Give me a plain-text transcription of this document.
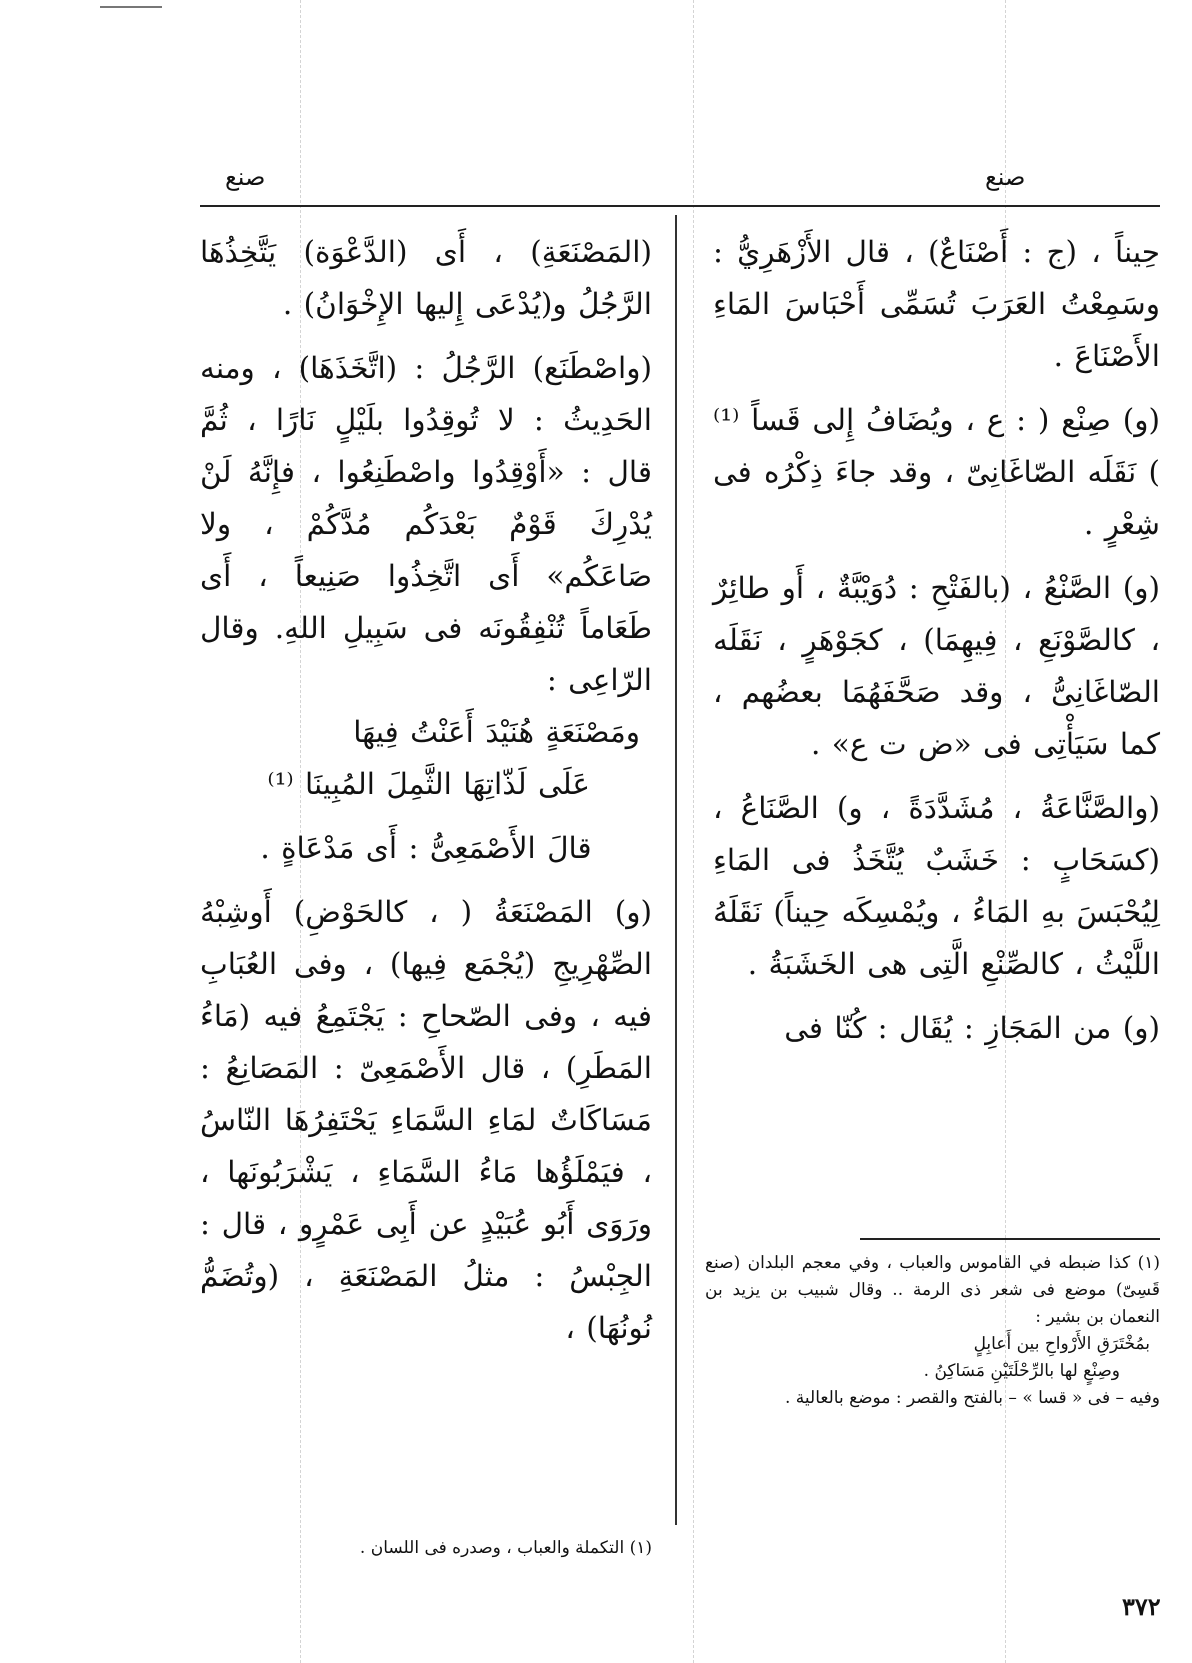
صنع	صنع

حِيناً ، (ج : أَصْنَاعٌ) ، قال الأَزْهَرِيُّ : وسَمِعْتُ العَرَبَ تُسَمِّى أَحْبَاسَ المَاءِ الأَصْنَاعَ .

(و) صِنْع ( : ع ، ويُضَافُ إِلى قَساً ⁽¹⁾ ) نَقَلَه الصّاغَانِىّ ، وقد جاءَ ذِكْرُه فى شِعْرٍ .

(و) الصَّنْعُ ، (بالفَتْحِ : دُوَيْبَّةٌ ، أَو طائِرٌ ، كالصَّوْنَعِ ، فِيهِمَا) ، كجَوْهَرٍ ، نَقَلَه الصّاغَانِىُّ ، وقد صَحَّفَهُمَا بعضُهم ، كما سَيَأْتِى فى «ض ت ع» .

(والصَّنَّاعَةُ ، مُشَدَّدَةً ، و) الصَّنَاعُ ، (كسَحَابٍ : خَشَبٌ يُتَّخَذُ فى المَاءِ لِيُحْبَسَ بهِ المَاءُ ، ويُمْسِكَه حِيناً) نَقَلَهُ اللَّيْثُ ، كالصِّنْعِ الَّتِى هى الخَشَبَةُ .

(و) من المَجَازِ : يُقَال : كُنّا فى

(المَصْنَعَةِ) ، أَى (الدَّعْوَة) يَتَّخِذُهَا الرَّجُلُ و(يُدْعَى إِليها الإِخْوَانُ) .

(واصْطَنَع) الرَّجُلُ : (اتَّخَذَهَا) ، ومنه الحَدِيثُ : لا تُوقِدُوا بلَيْلٍ نَارًا ، ثُمَّ قال : «أَوْقِدُوا واصْطَنِعُوا ، فإِنَّهُ لَنْ يُدْرِكَ قَوْمٌ بَعْدَكُم مُدَّكُمْ ، ولا صَاعَكُم» أَى اتَّخِذُوا صَنِيعاً ، أَى طَعَاماً تُنْفِقُونَه فى سَبِيلِ اللهِ. وقال الرّاعِى :

ومَصْنَعَةٍ هُنَيْدَ أَعَنْتُ فِيهَا

عَلَى لَذّاتِهَا الثَّمِلَ المُبِينَا ⁽¹⁾

قالَ الأَصْمَعِىُّ : أَى مَدْعَاةٍ .

(و) المَصْنَعَةُ ( ، كالحَوْضِ) أَوشِبْهُ الصِّهْرِيجِ (يُجْمَع فِيها) ، وفى العُبَابِ فيه ، وفى الصّحاحِ : يَجْتَمِعُ فيه (مَاءُ المَطَرِ) ، قال الأَصْمَعِىّ : المَصَانِعُ : مَسَاكَاتٌ لمَاءِ السَّمَاءِ يَحْتَفِرُهَا النّاسُ ، فيَمْلَؤُها مَاءُ السَّمَاءِ ، يَشْرَبُونَها ، ورَوَى أَبُو عُبَيْدٍ عن أَبِى عَمْرٍو ، قال : الجِبْسُ : مثلُ المَصْنَعَةِ ، (وتُضَمُّ نُونُهَا) ،

(١) كذا ضبطه في القاموس والعباب ، وفي معجم البلدان (صنع قَسِىّ) موضع فى شعر ذى الرمة .. وقال شبيب بن يزيد بن النعمان بن بشير :

بمُخْتَرَقِ الأَرْواحِ بين أَعابِلٍ

وصِنْعٍ لها بالرِّحْلَتَيْنِ مَسَاكِنُ .

وفيه – فى « قسا » – بالفتح والقصر : موضع بالعالية .

(١) التكملة والعباب ، وصدره فى اللسان .
٣٧٢
